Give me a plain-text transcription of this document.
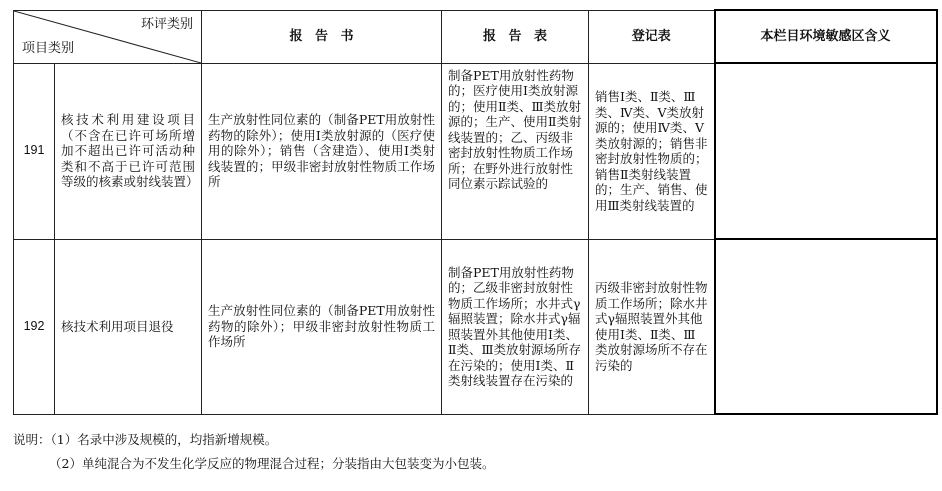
环评类别
项目类别		报 告 书	报 告 表	登记表	本栏目环境敏感区含义
191	核技术利用建设项目（不含在已许可场所增加不超出已许可活动种类和不高于已许可范围等级的核素或射线装置）	生产放射性同位素的（制备PET用放射性药物的除外）；使用I类放射源的（医疗使用的除外）；销售（含建造）、使用I类射线装置的；甲级非密封放射性物质工作场所	制备PET用放射性药物的；医疗使用Ⅰ类放射源的；使用Ⅱ类、Ⅲ类放射源的；生产、使用Ⅱ类射线装置的；乙、丙级非密封放射性物质工作场所；在野外进行放射性同位素示踪试验的	销售Ⅰ类、Ⅱ类、Ⅲ类、Ⅳ类、Ⅴ类放射源的；使用Ⅳ类、Ⅴ类放射源的；销售非密封放射性物质的；销售Ⅱ类射线装置的；生产、销售、使用Ⅲ类射线装置的	
192	核技术利用项目退役	生产放射性同位素的（制备PET用放射性药物的除外）；甲级非密封放射性物质工作场所	制备PET用放射性药物的；乙级非密封放射性物质工作场所；水井式γ辐照装置；除水井式γ辐照装置外其他使用Ⅰ类、Ⅱ类、Ⅲ类放射源场所存在污染的；使用Ⅰ类、Ⅱ类射线装置存在污染的	丙级非密封放射性物质工作场所；除水井式γ辐照装置外其他使用Ⅰ类、Ⅱ类、Ⅲ类放射源场所不存在污染的	
说明：（1）名录中涉及规模的，均指新增规模。
（2）单纯混合为不发生化学反应的物理混合过程；分装指由大包装变为小包装。
